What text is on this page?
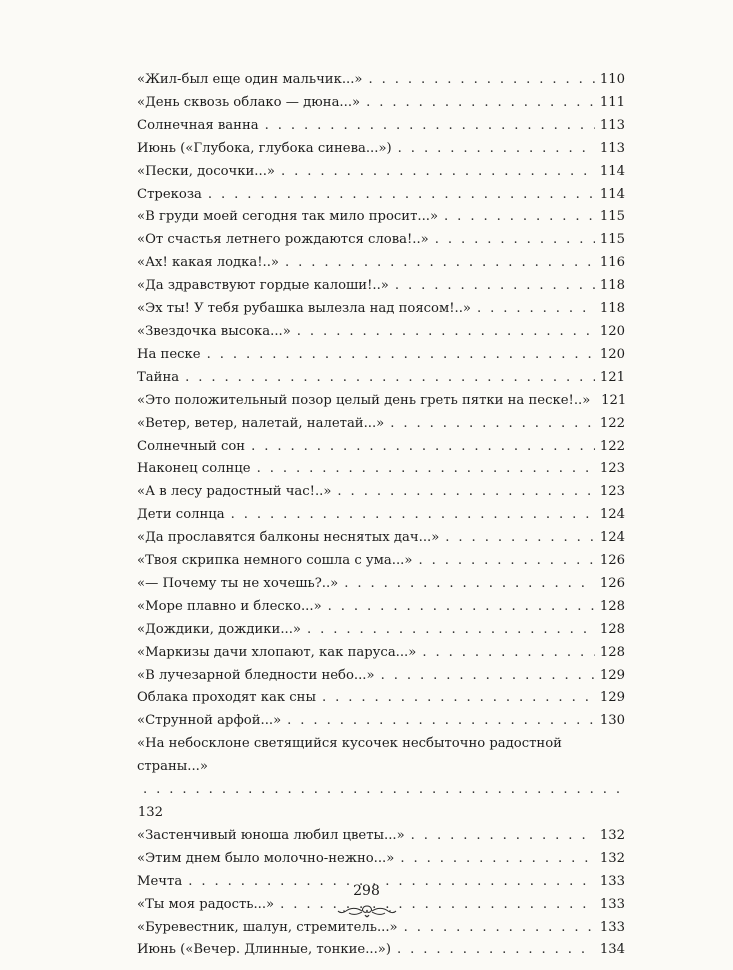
«Жил-был еще один мальчик...» . . .	110
«День сквозь облако — дюна...» . . .	111
Солнечная ванна . . .	113
Июнь («Глубока, глубока синева...») . . .	113
«Пески, досочки...» . . .	114
Стрекоза . . .	114
«В груди моей сегодня так мило просит...» . . .	115
«От счастья летнего рождаются слова!..» . . .	115
«Ах! какая лодка!..» . . .	116
«Да здравствуют гордые калоши!..» . . .	118
«Эх ты! У тебя рубашка вылезла над поясом!..» . . .	118
«Звездочка высока...» . . .	120
На песке . . .	120
Тайна . . .	121
«Это положительный позор целый день греть пятки на песке!..» 121
«Ветер, ветер, налетай, налетай...» . . .	122
Солнечный сон . . .	122
Наконец солнце . . .	123
«А в лесу радостный час!..» . . .	123
Дети солнца . . .	124
«Да прославятся балконы неснятых дач...» . . .	124
«Твоя скрипка немного сошла с ума...» . . .	126
«— Почему ты не хочешь?..» . . .	126
«Море плавно и блеско...» . . .	128
«Дождики, дождики...» . . .	128
«Маркизы дачи хлопают, как паруса...» . . .	128
«В лучезарной бледности небо...» . . .	129
Облака проходят как сны . . .	129
«Струнной арфой...» . . .	130
«На небосклоне светящийся кусочек несбыточно радостной
страны...»
. . .
132
«Застенчивый юноша любил цветы...» . . .	132
«Этим днем было молочно-нежно...» . . .	132
Мечта . . .	133
«Ты моя радость...» . . .	133
«Буревестник, шалун, стремитель...» . . .	133
Июнь («Вечер. Длинные, тонкие...») . . .	134
298
